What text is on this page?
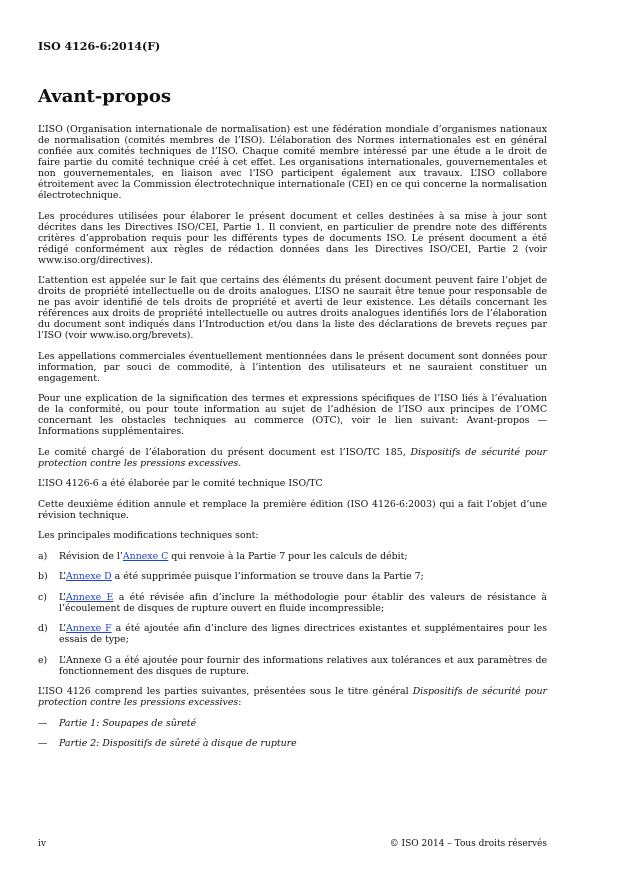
ISO 4126-6:2014(F)
Avant-propos

L’ISO (Organisation internationale de normalisation) est une fédération mondiale d’organismes nationaux de normalisation (comités membres de l’ISO). L’élaboration des Normes internationales est en général confiée aux comités techniques de l’ISO. Chaque comité membre intéressé par une étude a le droit de faire partie du comité technique créé à cet effet. Les organisations internationales, gouvernementales et non gouvernementales, en liaison avec l’ISO participent également aux travaux. L’ISO collabore étroitement avec la Commission électrotechnique internationale (CEI) en ce qui concerne la normalisation électrotechnique.

Les procédures utilisées pour élaborer le présent document et celles destinées à sa mise à jour sont décrites dans les Directives ISO/CEI, Partie 1. Il convient, en particulier de prendre note des différents critères d’approbation requis pour les différents types de documents ISO. Le présent document a été rédigé conformément aux règles de rédaction données dans les Directives ISO/CEI, Partie 2 (voir www.iso.org/directives).

L’attention est appelée sur le fait que certains des éléments du présent document peuvent faire l’objet de droits de propriété intellectuelle ou de droits analogues. L’ISO ne saurait être tenue pour responsable de ne pas avoir identifié de tels droits de propriété et averti de leur existence. Les détails concernant les références aux droits de propriété intellectuelle ou autres droits analogues identifiés lors de l’élaboration du document sont indiqués dans l’Introduction et/ou dans la liste des déclarations de brevets reçues par l’ISO (voir www.iso.org/brevets).

Les appellations commerciales éventuellement mentionnées dans le présent document sont données pour information, par souci de commodité, à l’intention des utilisateurs et ne sauraient constituer un engagement.

Pour une explication de la signification des termes et expressions spécifiques de l’ISO liés à l’évaluation de la conformité, ou pour toute information au sujet de l’adhésion de l’ISO aux principes de l’OMC concernant les obstacles techniques au commerce (OTC), voir le lien suivant: Avant-propos — Informations supplémentaires.

Le comité chargé de l’élaboration du présent document est l’ISO/TC 185, Dispositifs de sécurité pour protection contre les pressions excessives.

L’ISO 4126-6 a été élaborée par le comité technique ISO/TC

Cette deuxième édition annule et remplace la première édition (ISO 4126-6:2003) qui a fait l’objet d’une révision technique.

Les principales modifications techniques sont:

a)	Révision de l’Annexe C qui renvoie à la Partie 7 pour les calculs de débit;
b)	L’Annexe D a été supprimée puisque l’information se trouve dans la Partie 7;
c)	L’Annexe E a été révisée afin d’inclure la méthodologie pour établir des valeurs de résistance à l’écoulement de disques de rupture ouvert en fluide incompressible;
d)	L’Annexe F a été ajoutée afin d’inclure des lignes directrices existantes et supplémentaires pour les essais de type;
e)	L’Annexe G a été ajoutée pour fournir des informations relatives aux tolérances et aux paramètres de fonctionnement des disques de rupture.

L’ISO 4126 comprend les parties suivantes, présentées sous le titre général Dispositifs de sécurité pour protection contre les pressions excessives:

—	Partie 1: Soupapes de sûreté
—	Partie 2: Dispositifs de sûreté à disque de rupture
iv	© ISO 2014 – Tous droits réservés
